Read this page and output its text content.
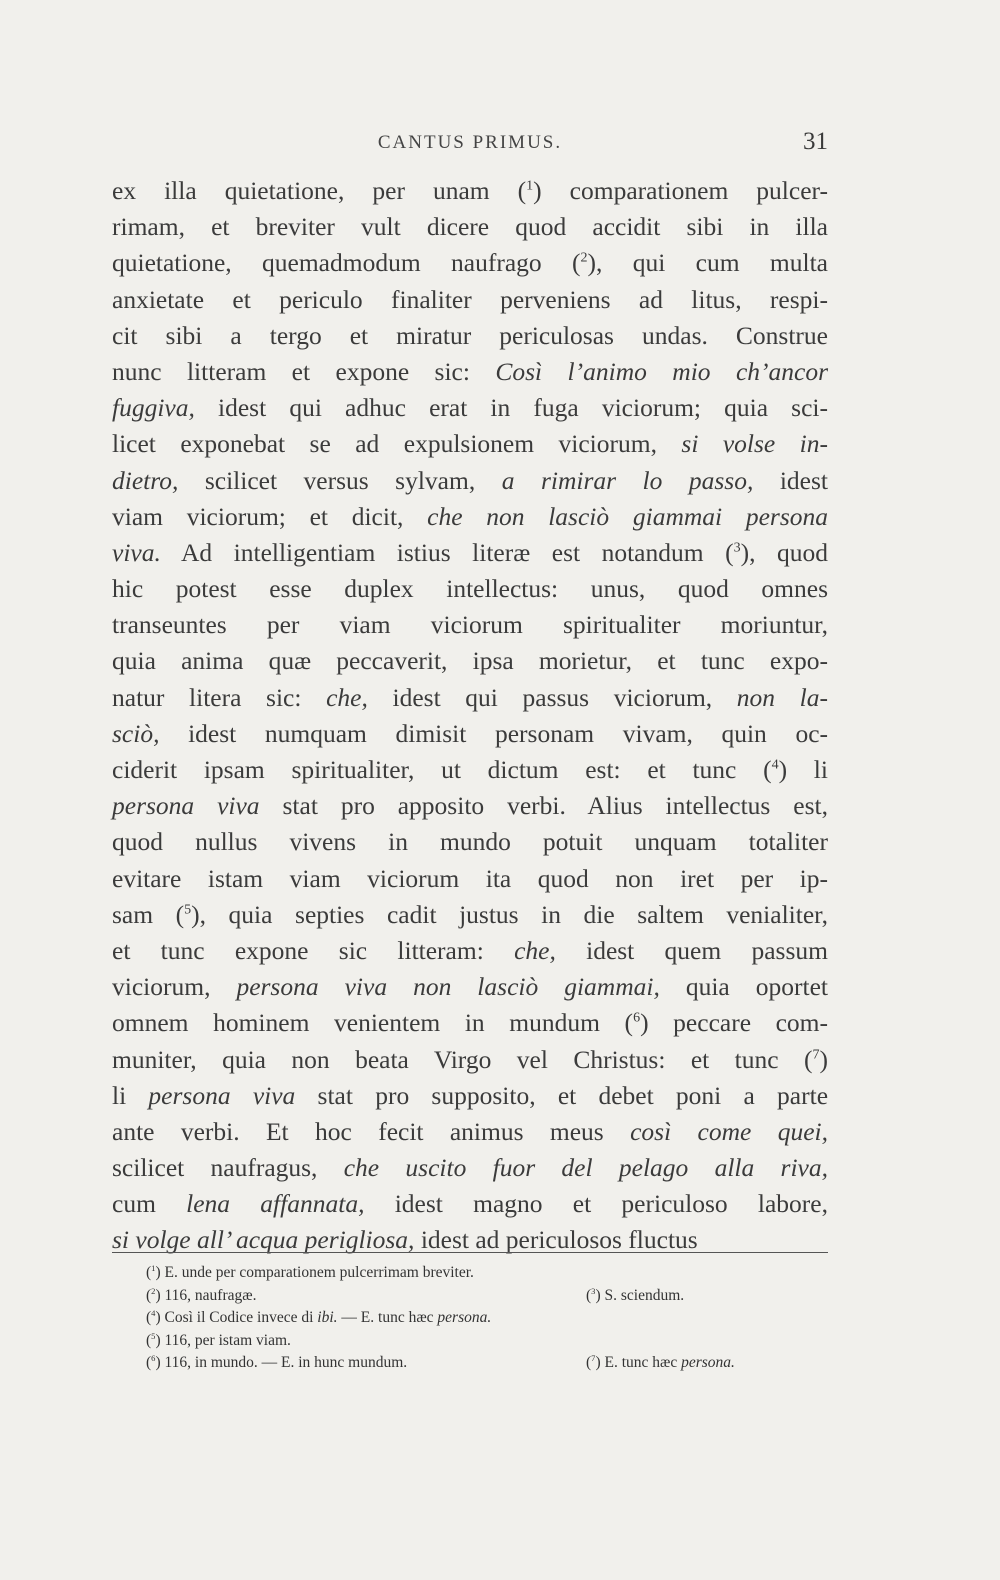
CANTUS PRIMUS.	31
ex illa quietatione, per unam ($^1$) comparationem pulcer-
rimam, et breviter vult dicere quod accidit sibi in illa
quietatione, quemadmodum naufrago ($^2$), qui cum multa
anxietate et periculo finaliter perveniens ad litus, respi-
cit sibi a tergo et miratur periculosas undas. Construe
nunc litteram et expone sic: Così l’animo mio ch’ancor
fuggiva, idest qui adhuc erat in fuga viciorum; quia sci-
licet exponebat se ad expulsionem viciorum, si volse in-
dietro, scilicet versus sylvam, a rimirar lo passo, idest
viam viciorum; et dicit, che non lasciò giammai persona
viva. Ad intelligentiam istius literæ est notandum ($^3$), quod
hic potest esse duplex intellectus: unus, quod omnes
transeuntes per viam viciorum spiritualiter moriuntur,
quia anima quæ peccaverit, ipsa morietur, et tunc expo-
natur litera sic: che, idest qui passus viciorum, non la-
sciò, idest numquam dimisit personam vivam, quin oc-
ciderit ipsam spiritualiter, ut dictum est: et tunc ($^4$) li
persona viva stat pro apposito verbi. Alius intellectus est,
quod nullus vivens in mundo potuit unquam totaliter
evitare istam viam viciorum ita quod non iret per ip-
sam ($^5$), quia septies cadit justus in die saltem venialiter,
et tunc expone sic litteram: che, idest quem passum
viciorum, persona viva non lasciò giammai, quia oportet
omnem hominem venientem in mundum ($^6$) peccare com-
muniter, quia non beata Virgo vel Christus: et tunc ($^7$)
li persona viva stat pro supposito, et debet poni a parte
ante verbi. Et hoc fecit animus meus così come quei,
scilicet naufragus, che uscito fuor del pelago alla riva,
cum lena affannata, idest magno et periculoso labore,
si volge all’ acqua perigliosa, idest ad periculosos fluctus
($^1$) E. unde per comparationem pulcerrimam breviter.
($^2$) 116, naufragæ.	($^3$) S. sciendum.
($^4$) Così il Codice invece di ibi. — E. tunc hæc persona.
($^5$) 116, per istam viam.
($^6$) 116, in mundo. — E. in hunc mundum.	($^7$) E. tunc hæc persona.
